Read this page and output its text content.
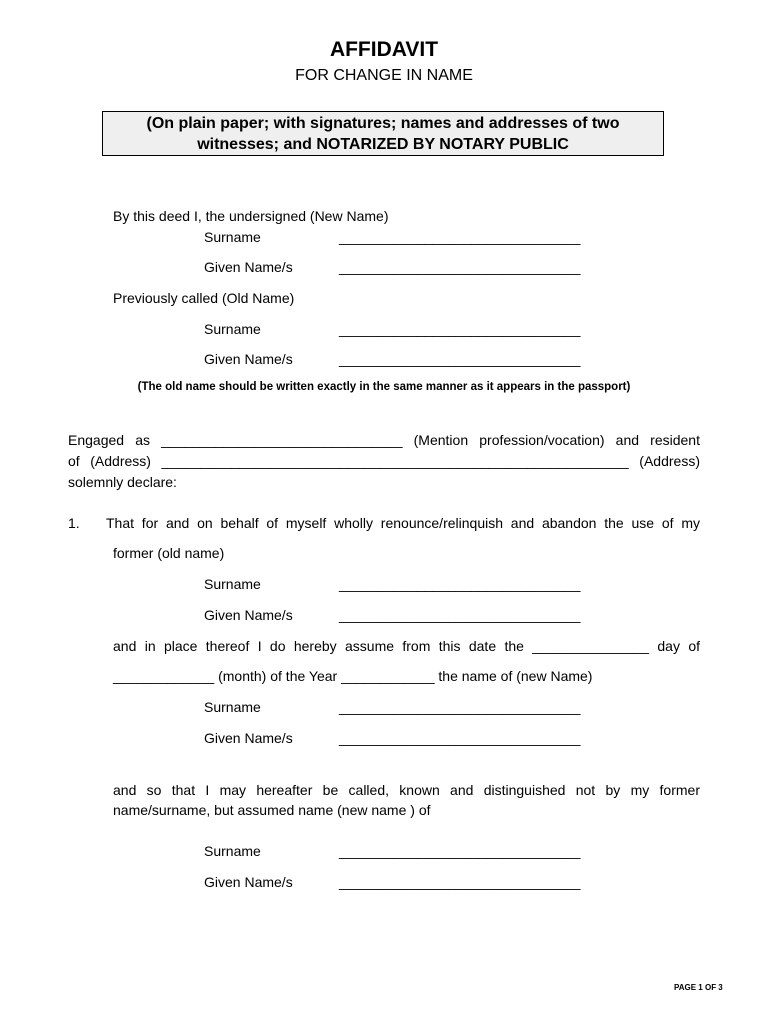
AFFIDAVIT
FOR CHANGE IN NAME
(On plain paper; with signatures; names and addresses of two
witnesses; and NOTARIZED BY NOTARY PUBLIC
By this deed I, the undersigned (New Name)
Surname	_______________________________
Given Name/s	_______________________________
Previously called (Old Name)
Surname	_______________________________
Given Name/s	_______________________________
(The old name should be written exactly in the same manner as it appears in the passport)
Engaged as _______________________________ (Mention profession/vocation) and resident
of (Address) ____________________________________________________________ (Address)
solemnly declare:
1. That for and on behalf of myself wholly renounce/relinquish and abandon the use of my
former (old name)
Surname	_______________________________
Given Name/s	_______________________________
and in place thereof I do hereby assume from this date the _______________ day of
_____________ (month) of the Year ____________ the name of (new Name)
Surname	_______________________________
Given Name/s	_______________________________
and so that I may hereafter be called, known and distinguished not by my former
name/surname, but assumed name (new name ) of
Surname	_______________________________
Given Name/s	_______________________________
PAGE 1 OF 3
